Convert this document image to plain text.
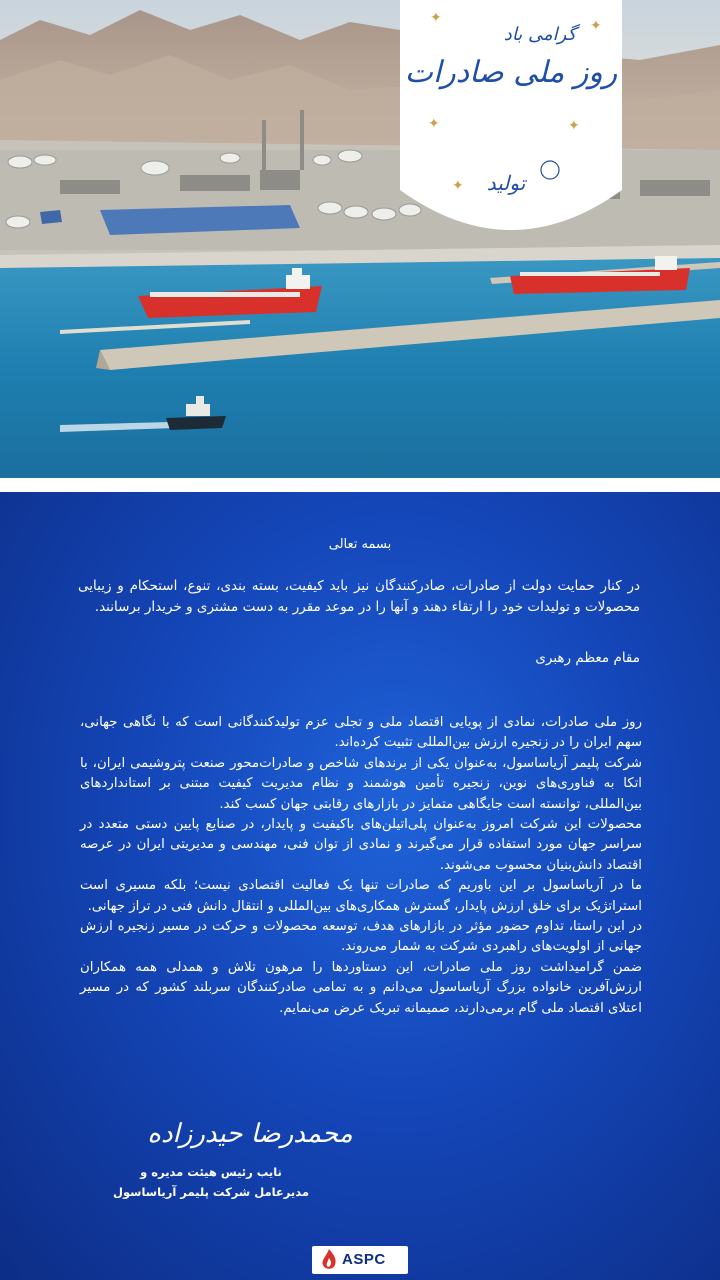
✦	✦
✦	✦
✦
روز ملی صادرات
گرامی باد
تولید
بسمه تعالی
در کنار حمایت دولت از صادرات، صادرکنندگان نیز باید کیفیت، بسته بندی، تنوع، استحکام و زیبایی محصولات و تولیدات خود را ارتقاء دهند و آنها را در موعد مقرر به دست مشتری و خریدار برسانند.
مقام معظم رهبری

روز ملی صادرات، نمادی از پویایی اقتصاد ملی و تجلی عزم تولیدکنندگانی است که با نگاهی جهانی، سهم ایران را در زنجیره ارزش بین‌المللی تثبیت کرده‌اند.

شرکت پلیمر آریاساسول، به‌عنوان یکی از برندهای شاخص و صادرات‌محور صنعت پتروشیمی ایران، با اتکا به فناوری‌های نوین، زنجیره تأمین هوشمند و نظام مدیریت کیفیت مبتنی بر استانداردهای بین‌المللی، توانسته است جایگاهی متمایز در بازارهای رقابتی جهان کسب کند.

محصولات این شرکت امروز به‌عنوان پلی‌اتیلن‌های باکیفیت و پایدار، در صنایع پایین دستی متعدد در سراسر جهان مورد استفاده قرار می‌گیرند و نمادی از توان فنی، مهندسی و مدیریتی ایران در عرصه اقتصاد دانش‌بنیان محسوب می‌شوند.

ما در آریاساسول بر این باوریم که صادرات تنها یک فعالیت اقتصادی نیست؛ بلکه مسیری است استراتژیک برای خلق ارزش پایدار، گسترش همکاری‌های بین‌المللی و انتقال دانش فنی در تراز جهانی.

در این راستا، تداوم حضور مؤثر در بازارهای هدف، توسعه محصولات و حرکت در مسیر زنجیره ارزش جهانی از اولویت‌های راهبردی شرکت به شمار می‌روند.

ضمن گرامیداشت روز ملی صادرات، این دستاوردها را مرهون تلاش و همدلی همه همکاران ارزش‌آفرین خانواده بزرگ آریاساسول می‌دانم و به تمامی صادرکنندگان سربلند کشور که در مسیر اعتلای اقتصاد ملی گام برمی‌دارند، صمیمانه تبریک عرض می‌نمایم.

محمدرضا حیدرزاده
نایب رئیس هیئت مدیره و
مدیرعامل شرکت پلیمر آریاساسول
ASPC
